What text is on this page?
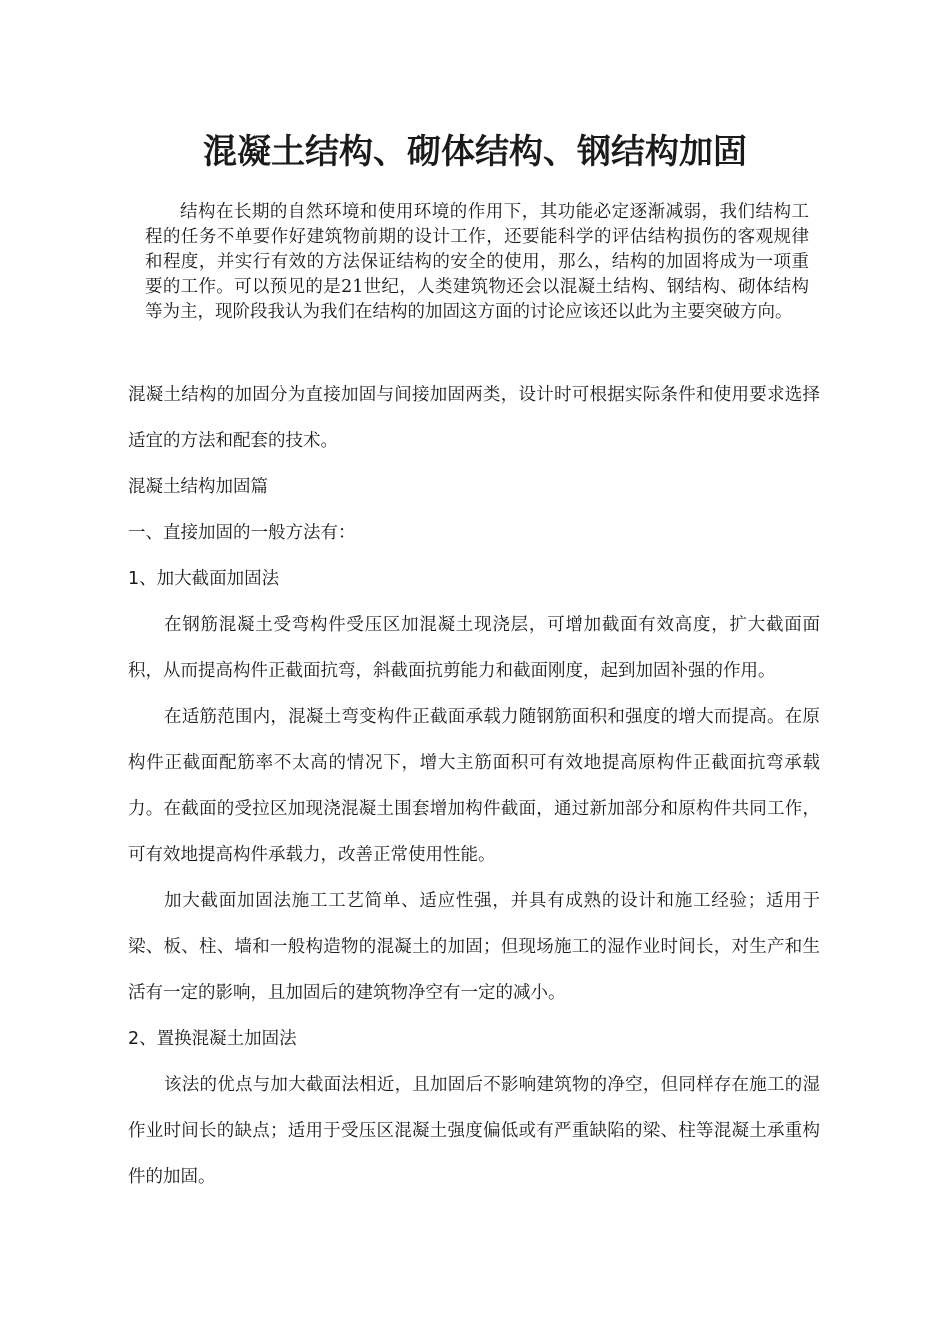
混凝土结构、砌体结构、钢结构加固

结构在长期的自然环境和使用环境的作用下，其功能必定逐渐减弱，我们结构工程的任务不单要作好建筑物前期的设计工作，还要能科学的评估结构损伤的客观规律和程度，并实行有效的方法保证结构的安全的使用，那么，结构的加固将成为一项重要的工作。可以预见的是21世纪，人类建筑物还会以混凝土结构、钢结构、砌体结构等为主，现阶段我认为我们在结构的加固这方面的讨论应该还以此为主要突破方向。

混凝土结构的加固分为直接加固与间接加固两类，设计时可根据实际条件和使用要求选择适宜的方法和配套的技术。

混凝土结构加固篇

一、直接加固的一般方法有：

1、加大截面加固法

在钢筋混凝土受弯构件受压区加混凝土现浇层，可增加截面有效高度，扩大截面面积，从而提高构件正截面抗弯，斜截面抗剪能力和截面刚度，起到加固补强的作用。

在适筋范围内，混凝土弯变构件正截面承载力随钢筋面积和强度的增大而提高。在原构件正截面配筋率不太高的情况下，增大主筋面积可有效地提高原构件正截面抗弯承载力。在截面的受拉区加现浇混凝土围套增加构件截面，通过新加部分和原构件共同工作，可有效地提高构件承载力，改善正常使用性能。

加大截面加固法施工工艺简单、适应性强，并具有成熟的设计和施工经验；适用于梁、板、柱、墙和一般构造物的混凝土的加固；但现场施工的湿作业时间长，对生产和生活有一定的影响，且加固后的建筑物净空有一定的减小。

2、置换混凝土加固法

该法的优点与加大截面法相近，且加固后不影响建筑物的净空，但同样存在施工的湿作业时间长的缺点；适用于受压区混凝土强度偏低或有严重缺陷的梁、柱等混凝土承重构件的加固。
